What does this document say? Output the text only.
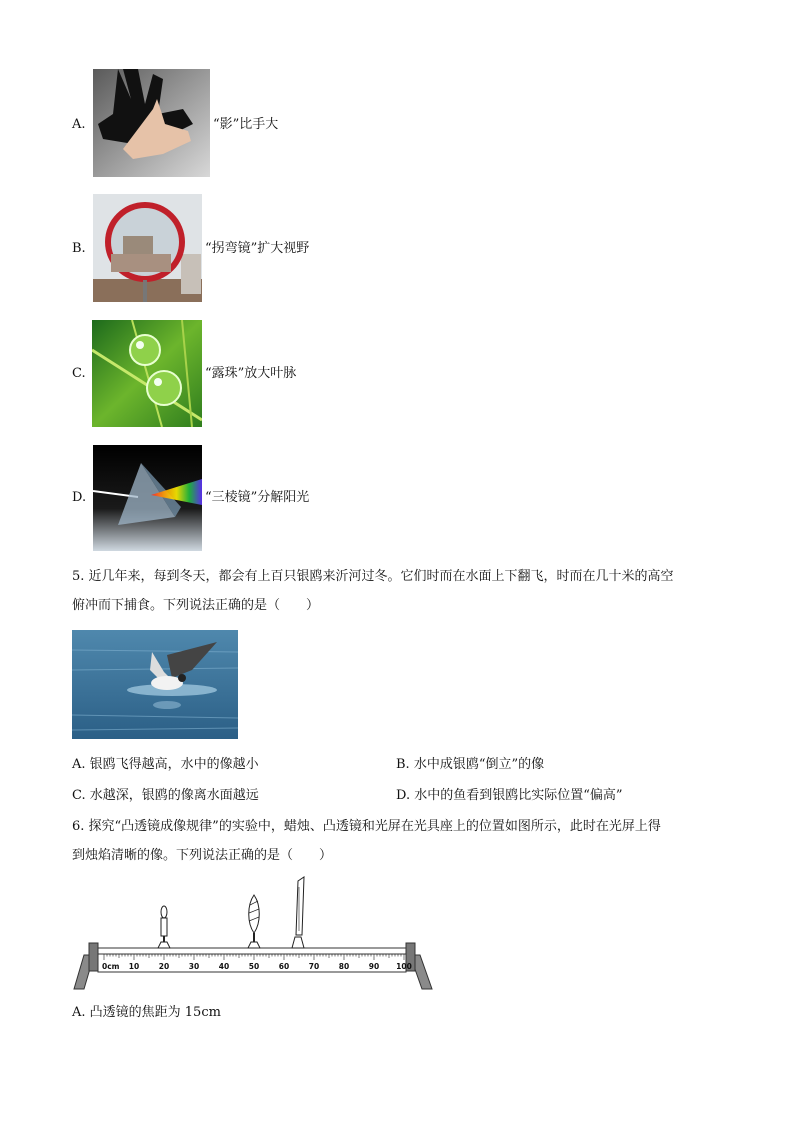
A.	“影”比手大
B.	“拐弯镜”扩大视野
C.	“露珠”放大叶脉
D.	“三棱镜”分解阳光
5. 近几年来，每到冬天，都会有上百只银鸥来沂河过冬。它们时而在水面上下翻飞，时而在几十米的高空
俯冲而下捕食。下列说法正确的是（　　）
A. 银鸥飞得越高，水中的像越小	B. 水中成银鸥“倒立”的像
C. 水越深，银鸥的像离水面越远	D. 水中的鱼看到银鸥比实际位置“偏高”
6. 探究“凸透镜成像规律”的实验中，蜡烛、凸透镜和光屏在光具座上的位置如图所示，此时在光屏上得
到烛焰清晰的像。下列说法正确的是（　　）
0cm 10	20	30	40	50	60	70	80	90 100
A. 凸透镜的焦距为 15cm
